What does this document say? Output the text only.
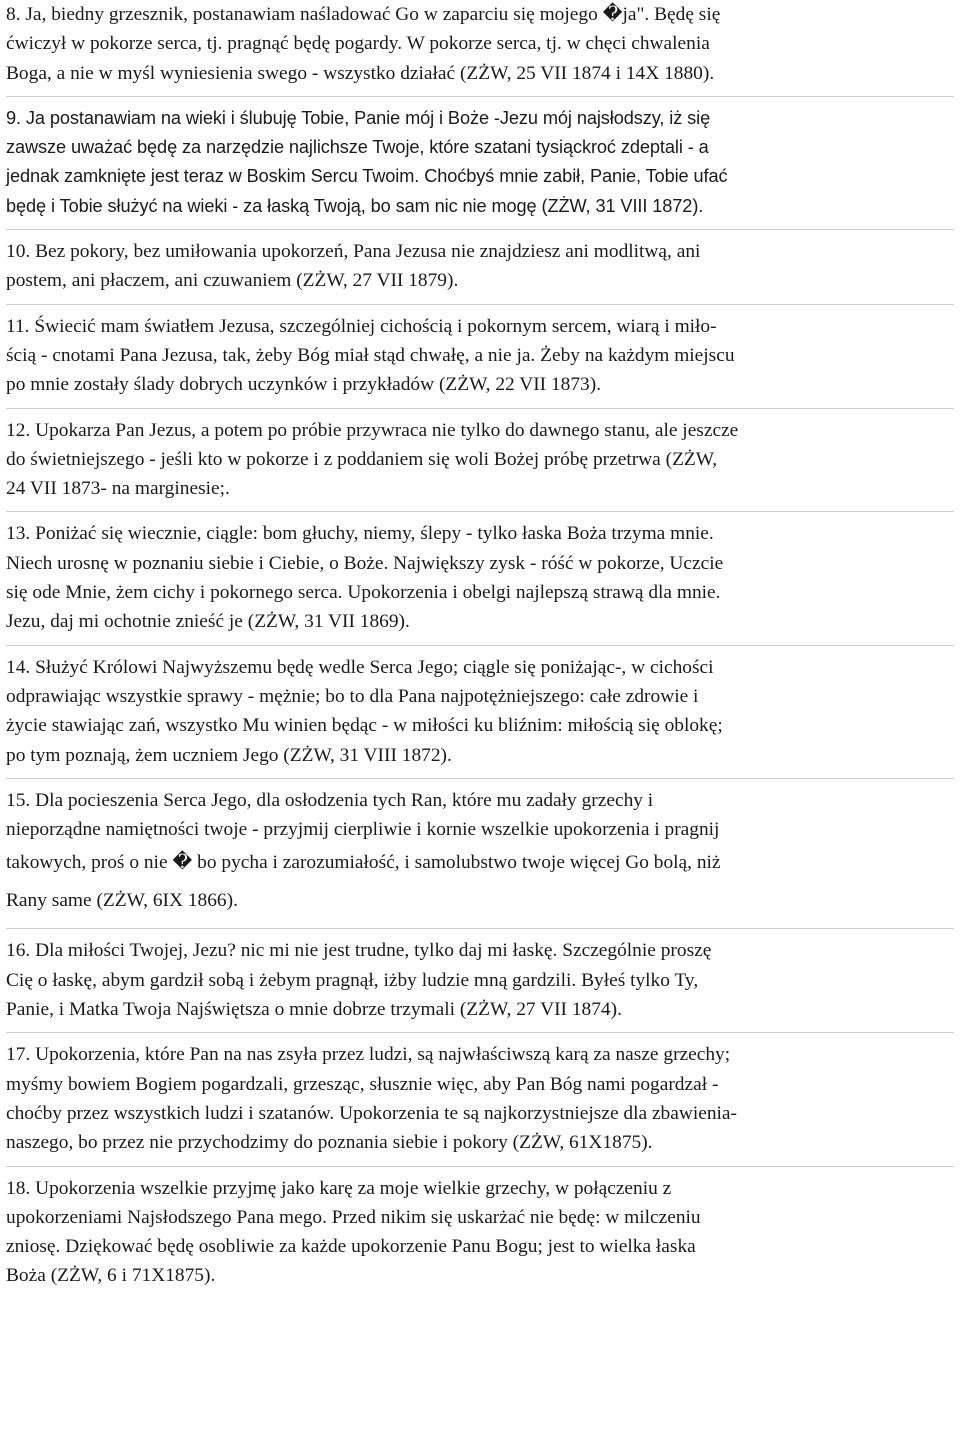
8. Ja, biedny grzesznik, postanawiam naśladować Go w zaparciu się mojego �ja". Będę się
ćwiczył w pokorze serca, tj. pragnąć będę pogardy. W pokorze serca, tj. w chęci chwalenia
Boga, a nie w myśl wyniesienia swego - wszystko działać (ZŻW, 25 VII 1874 i 14X 1880).
9. Ja postanawiam na wieki i ślubuję Tobie, Panie mój i Boże -Jezu mój najsłodszy, iż się
zawsze uważać będę za narzędzie najlichsze Twoje, które szatani tysiąckroć zdeptali - a
jednak zamknięte jest teraz w Boskim Sercu Twoim. Choćbyś mnie zabił, Panie, Tobie ufać
będę i Tobie służyć na wieki - za łaską Twoją, bo sam nic nie mogę (ZŻW, 31 VIII 1872).
10. Bez pokory, bez umiłowania upokorzeń, Pana Jezusa nie znajdziesz ani modlitwą, ani
postem, ani płaczem, ani czuwaniem (ZŻW, 27 VII 1879).
11. Świecić mam światłem Jezusa, szczególniej cichością i pokornym sercem, wiarą i miło-
ścią - cnotami Pana Jezusa, tak, żeby Bóg miał stąd chwałę, a nie ja. Żeby na każdym miejscu
po mnie zostały ślady dobrych uczynków i przykładów (ZŻW, 22 VII 1873).
12. Upokarza Pan Jezus, a potem po próbie przywraca nie tylko do dawnego stanu, ale jeszcze
do świetniejszego - jeśli kto w pokorze i z poddaniem się woli Bożej próbę przetrwa (ZŻW,
24 VII 1873- na marginesie;.
13. Poniżać się wiecznie, ciągle: bom głuchy, niemy, ślepy - tylko łaska Boża trzyma mnie.
Niech urosnę w poznaniu siebie i Ciebie, o Boże. Największy zysk - róść w pokorze, Uczcie
się ode Mnie, żem cichy i pokornego serca. Upokorzenia i obelgi najlepszą strawą dla mnie.
Jezu, daj mi ochotnie znieść je (ZŻW, 31 VII 1869).
14. Służyć Królowi Najwyższemu będę wedle Serca Jego; ciągle się poniżając-, w cichości
odprawiając wszystkie sprawy - mężnie; bo to dla Pana najpotężniejszego: całe zdrowie i
życie stawiając zań, wszystko Mu winien będąc - w miłości ku bliźnim: miłością się oblokę;
po tym poznają, żem uczniem Jego (ZŻW, 31 VIII 1872).
15. Dla pocieszenia Serca Jego, dla osłodzenia tych Ran, które mu zadały grzechy i
nieporządne namiętności twoje - przyjmij cierpliwie i kornie wszelkie upokorzenia i pragnij
takowych, proś o nie � bo pycha i zarozumiałość, i samolubstwo twoje więcej Go bolą, niż
Rany same (ZŻW, 6IX 1866).
16. Dla miłości Twojej, Jezu? nic mi nie jest trudne, tylko daj mi łaskę. Szczególnie proszę
Cię o łaskę, abym gardził sobą i żebym pragnął, iżby ludzie mną gardzili. Byłeś tylko Ty,
Panie, i Matka Twoja Najświętsza o mnie dobrze trzymali (ZŻW, 27 VII 1874).
17. Upokorzenia, które Pan na nas zsyła przez ludzi, są najwłaściwszą karą za nasze grzechy;
myśmy bowiem Bogiem pogardzali, grzesząc, słusznie więc, aby Pan Bóg nami pogardzał -
choćby przez wszystkich ludzi i szatanów. Upokorzenia te są najkorzystniejsze dla zbawienia-
naszego, bo przez nie przychodzimy do poznania siebie i pokory (ZŻW, 61X1875).
18. Upokorzenia wszelkie przyjmę jako karę za moje wielkie grzechy, w połączeniu z
upokorzeniami Najsłodszego Pana mego. Przed nikim się uskarżać nie będę: w milczeniu
zniosę. Dziękować będę osobliwie za każde upokorzenie Panu Bogu; jest to wielka łaska
Boża (ZŻW, 6 i 71X1875).
